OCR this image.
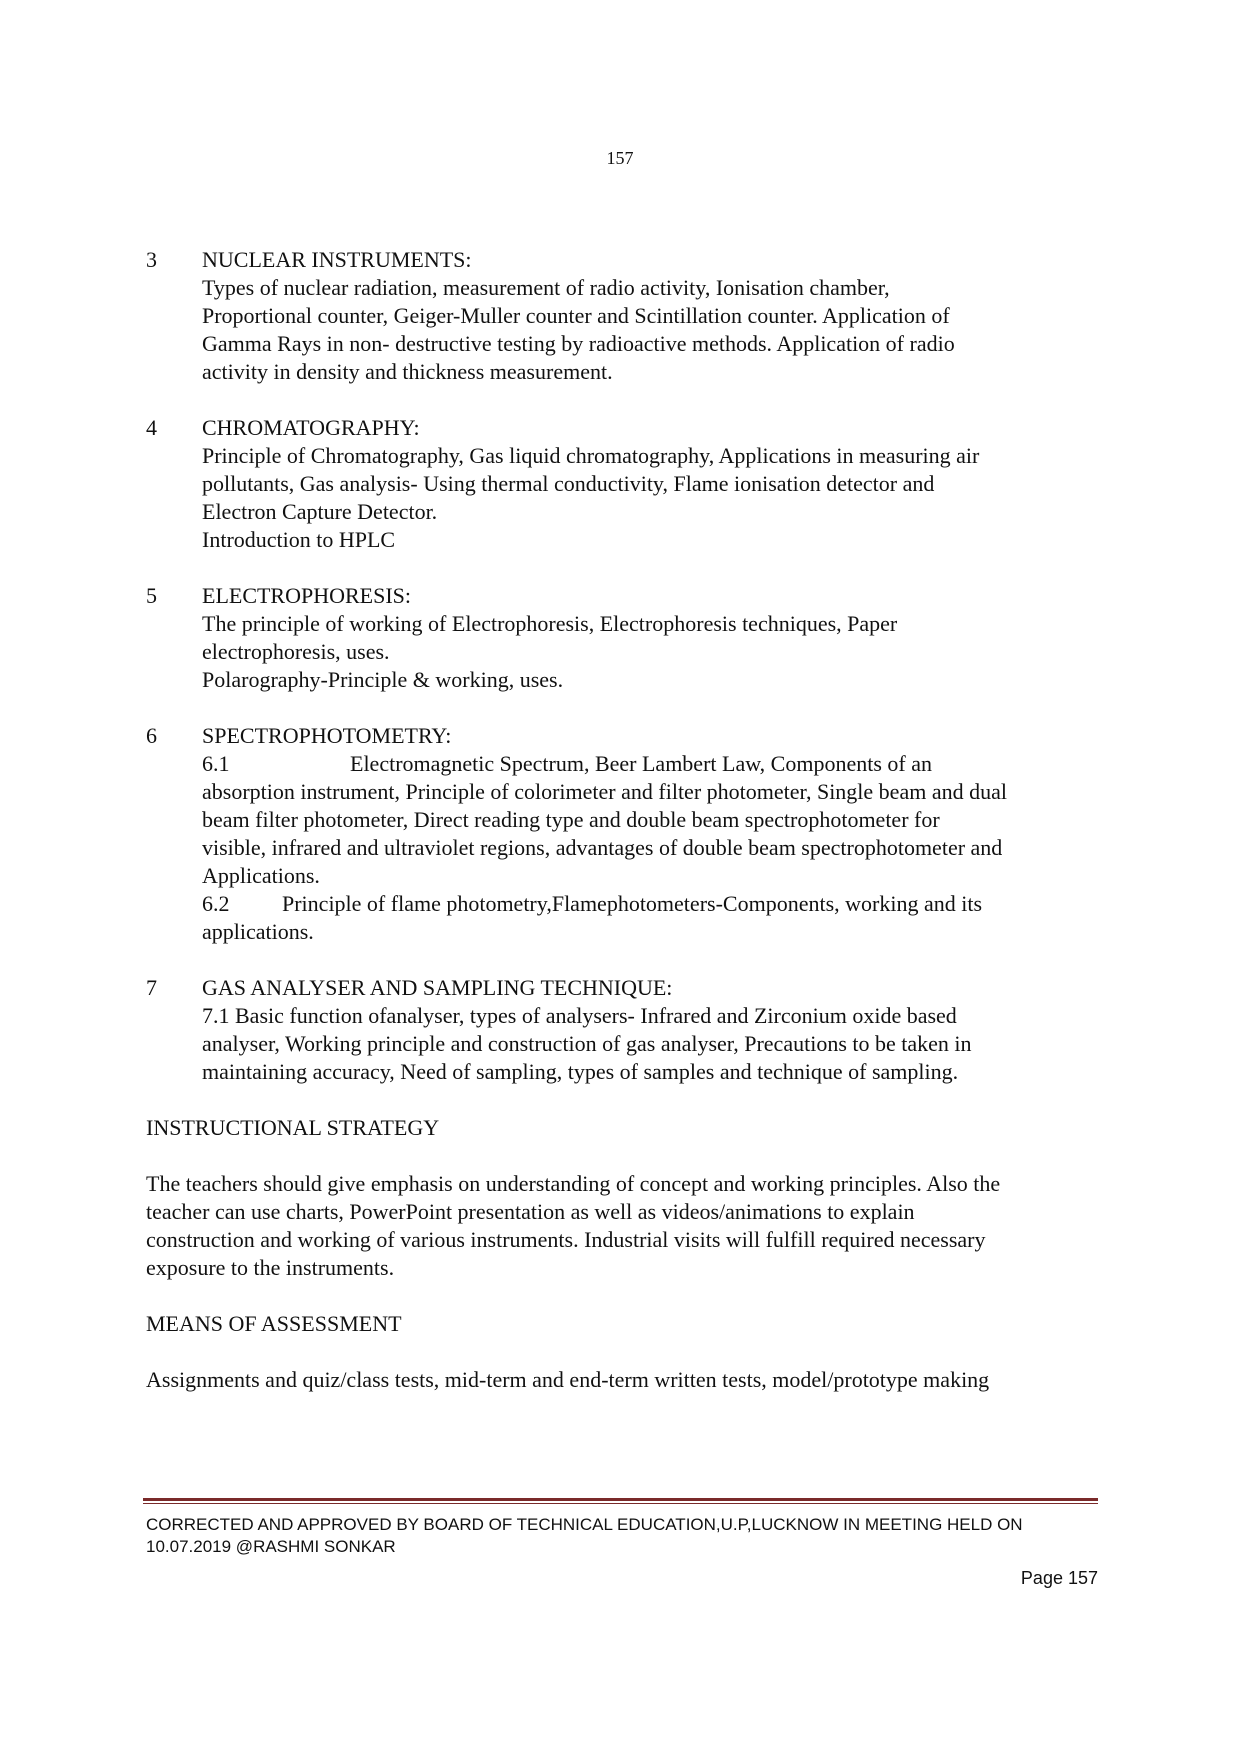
157
3 NUCLEAR INSTRUMENTS:

Types of nuclear radiation, measurement of radio activity, Ionisation chamber,

Proportional counter, Geiger-Muller counter and Scintillation counter. Application of

Gamma Rays in non- destructive testing by radioactive methods. Application of radio

activity in density and thickness measurement.

4 CHROMATOGRAPHY:

Principle of Chromatography, Gas liquid chromatography, Applications in measuring air

pollutants, Gas analysis- Using thermal conductivity, Flame ionisation detector and

Electron Capture Detector.

Introduction to HPLC

5 ELECTROPHORESIS:

The principle of working of Electrophoresis, Electrophoresis techniques, Paper

electrophoresis, uses.

Polarography-Principle & working, uses.

6 SPECTROPHOTOMETRY:

6.1	Electromagnetic Spectrum, Beer Lambert Law, Components of an

absorption instrument, Principle of colorimeter and filter photometer, Single beam and dual

beam filter photometer, Direct reading type and double beam spectrophotometer for

visible, infrared and ultraviolet regions, advantages of double beam spectrophotometer and

Applications.

6.2 Principle of flame photometry,Flamephotometers-Components, working and its

applications.

7 GAS ANALYSER AND SAMPLING TECHNIQUE:

7.1 Basic function ofanalyser, types of analysers- Infrared and Zirconium oxide based

analyser, Working principle and construction of gas analyser, Precautions to be taken in

maintaining accuracy, Need of sampling, types of samples and technique of sampling.

INSTRUCTIONAL STRATEGY

The teachers should give emphasis on understanding of concept and working principles. Also the
teacher can use charts, PowerPoint presentation as well as videos/animations to explain
construction and working of various instruments. Industrial visits will fulfill required necessary
exposure to the instruments.

MEANS OF ASSESSMENT

Assignments and quiz/class tests, mid-term and end-term written tests, model/prototype making
CORRECTED AND APPROVED BY BOARD OF TECHNICAL EDUCATION,U.P,LUCKNOW IN MEETING HELD ON
10.07.2019 @RASHMI SONKAR
Page 157
